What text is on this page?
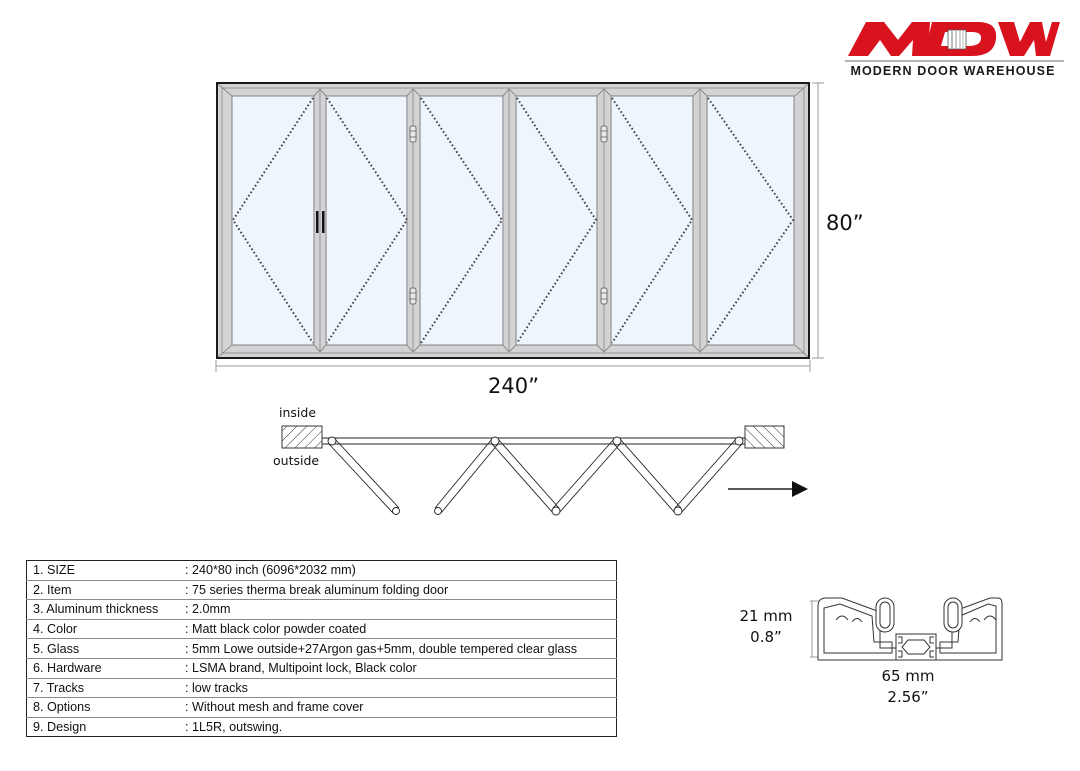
MODERN DOOR WAREHOUSE
240”
80”
inside
outside
21 mm
0.8”
65 mm
2.56”
1. SIZE	: 240*80 inch (6096*2032 mm)
2. Item	: 75 series therma break aluminum folding door
3. Aluminum thickness	: 2.0mm
4. Color	: Matt black color powder coated
5. Glass	: 5mm Lowe outside+27Argon gas+5mm, double tempered clear glass
6. Hardware	: LSMA brand, Multipoint lock, Black color
7. Tracks	: low tracks
8. Options	: Without mesh and frame cover
9. Design	: 1L5R, outswing.
